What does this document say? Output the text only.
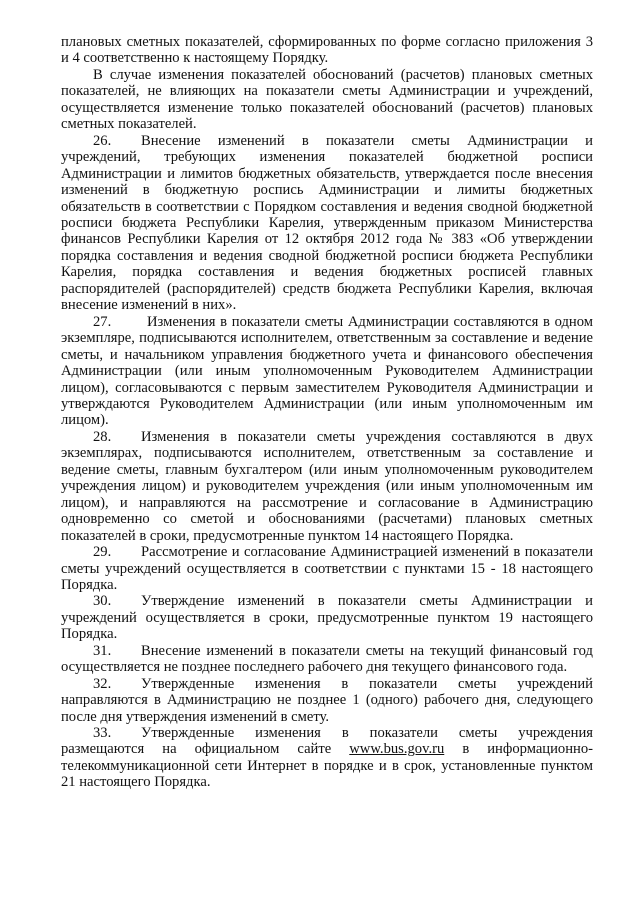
плановых сметных показателей, сформированных по форме согласно приложения 3 и 4 соответственно к настоящему Порядку.

В случае изменения показателей обоснований (расчетов) плановых сметных показателей, не влияющих на показатели сметы Администрации и учреждений, осуществляется изменение только показателей обоснований (расчетов) плановых сметных показателей.

26. Внесение изменений в показатели сметы Администрации и учреждений, требующих изменения показателей бюджетной росписи Администрации и лимитов бюджетных обязательств, утверждается после внесения изменений в бюджетную роспись Администрации и лимиты бюджетных обязательств в соответствии с Порядком составления и ведения сводной бюджетной росписи бюджета Республики Карелия, утвержденным приказом Министерства финансов Республики Карелия от 12 октября 2012 года № 383 «Об утверждении порядка составления и ведения сводной бюджетной росписи бюджета Республики Карелия, порядка составления и ведения бюджетных росписей главных распорядителей (распорядителей) средств бюджета Республики Карелия, включая внесение изменений в них».

27. Изменения в показатели сметы Администрации составляются в одном экземпляре, подписываются исполнителем, ответственным за составление и ведение сметы, и начальником управления бюджетного учета и финансового обеспечения Администрации (или иным уполномоченным Руководителем Администрации лицом), согласовываются с первым заместителем Руководителя Администрации и утверждаются Руководителем Администрации (или иным уполномоченным им лицом).

28. Изменения в показатели сметы учреждения составляются в двух экземплярах, подписываются исполнителем, ответственным за составление и ведение сметы, главным бухгалтером (или иным уполномоченным руководителем учреждения лицом) и руководителем учреждения (или иным уполномоченным им лицом), и направляются на рассмотрение и согласование в Администрацию одновременно со сметой и обоснованиями (расчетами) плановых сметных показателей в сроки, предусмотренные пунктом 14 настоящего Порядка.

29. Рассмотрение и согласование Администрацией изменений в показатели сметы учреждений осуществляется в соответствии с пунктами 15 - 18 настоящего Порядка.

30. Утверждение изменений в показатели сметы Администрации и учреждений осуществляется в сроки, предусмотренные пунктом 19 настоящего Порядка.

31. Внесение изменений в показатели сметы на текущий финансовый год осуществляется не позднее последнего рабочего дня текущего финансового года.

32. Утвержденные изменения в показатели сметы учреждений направляются в Администрацию не позднее 1 (одного) рабочего дня, следующего после дня утверждения изменений в смету.

33. Утвержденные изменения в показатели сметы учреждения размещаются на официальном сайте www.bus.gov.ru в информационно-телекоммуникационной сети Интернет в порядке и в срок, установленные пунктом 21 настоящего Порядка.
